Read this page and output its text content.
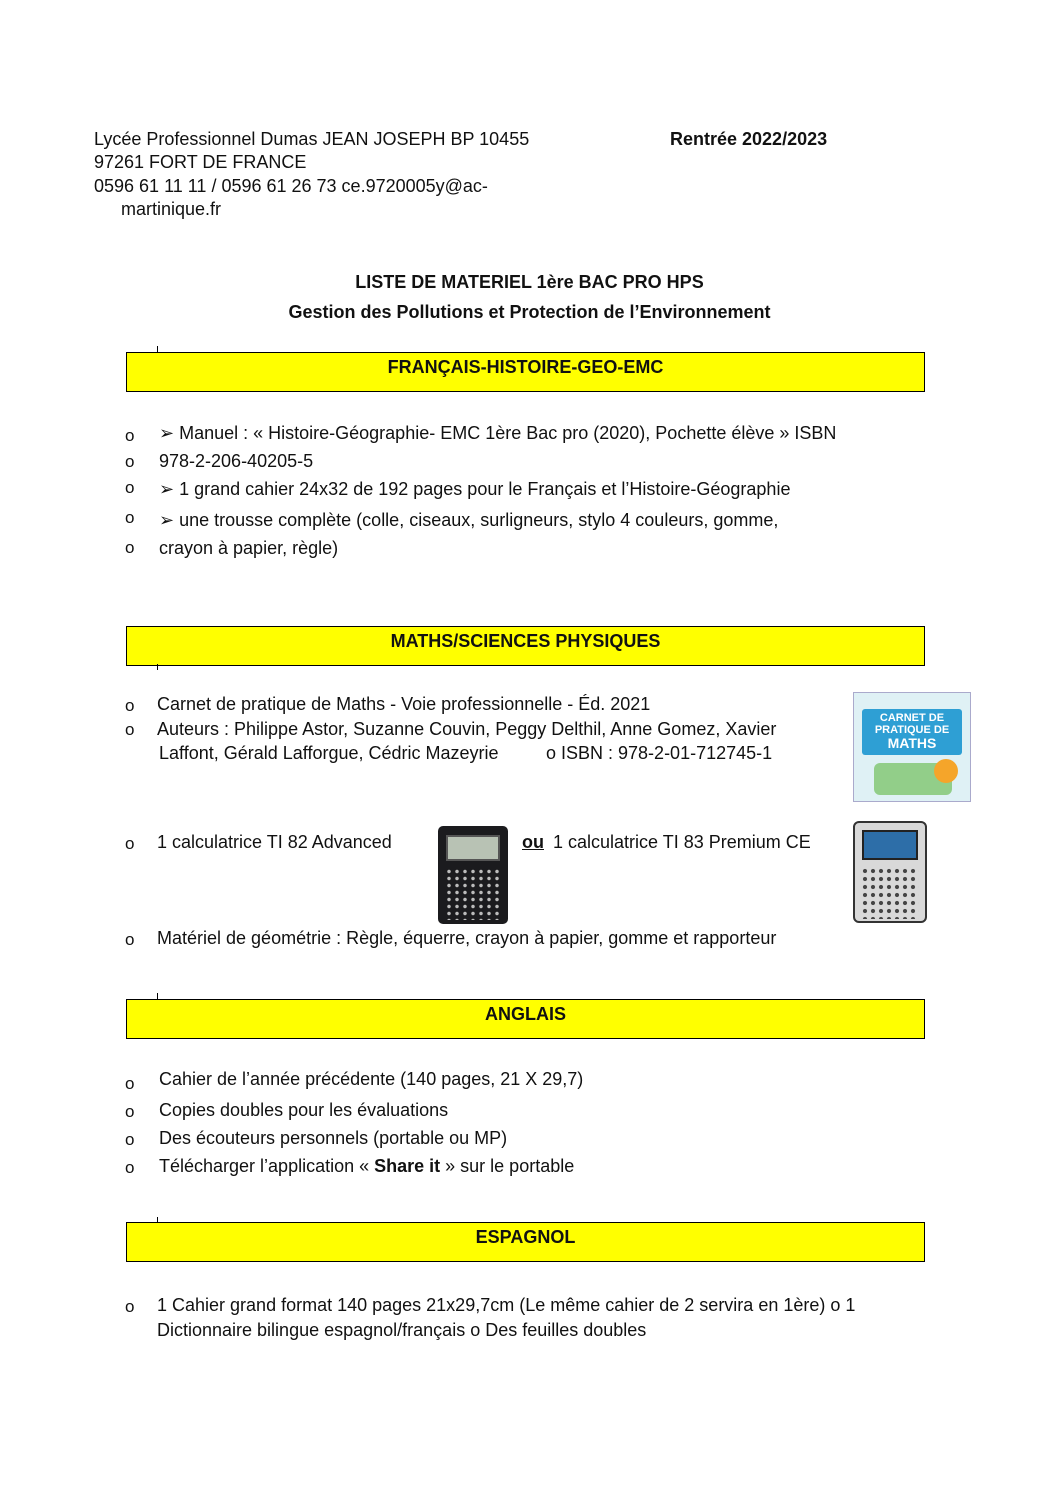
Lycée Professionnel Dumas JEAN JOSEPH BP 10455	Rentrée 2022/2023
97261 FORT DE FRANCE
0596 61 11 11 / 0596 61 26 73 ce.9720005y@ac-
martinique.fr
LISTE DE MATERIEL 1ère BAC PRO HPS
Gestion des Pollutions et Protection de l’Environnement
FRANÇAIS-HISTOIRE-GEO-EMC
o ➢ Manuel : « Histoire-Géographie- EMC 1ère Bac pro (2020), Pochette élève » ISBN
o 978-2-206-40205-5
o ➢ 1 grand cahier 24x32 de 192 pages pour le Français et l’Histoire-Géographie
o ➢ une trousse complète (colle, ciseaux, surligneurs, stylo 4 couleurs, gomme,
o crayon à papier, règle)
MATHS/SCIENCES PHYSIQUES
o Carnet de pratique de Maths - Voie professionnelle - Éd. 2021
o Auteurs : Philippe Astor, Suzanne Couvin, Peggy Delthil, Anne Gomez, Xavier
Laffont, Gérald Lafforgue, Cédric Mazeyrie	o ISBN : 978-2-01-712745-1
CARNET DE PRATIQUE DE
MATHS
o 1 calculatrice TI 82 Advanced	ou 1 calculatrice TI 83 Premium CE
o Matériel de géométrie : Règle, équerre, crayon à papier, gomme et rapporteur
ANGLAIS
o Cahier de l’année précédente (140 pages, 21 X 29,7)
o Copies doubles pour les évaluations
o Des écouteurs personnels (portable ou MP)
o Télécharger l’application « Share it » sur le portable
ESPAGNOL
o 1 Cahier grand format 140 pages 21x29,7cm (Le même cahier de 2 servira en 1ère) o 1
Dictionnaire bilingue espagnol/français o Des feuilles doubles
